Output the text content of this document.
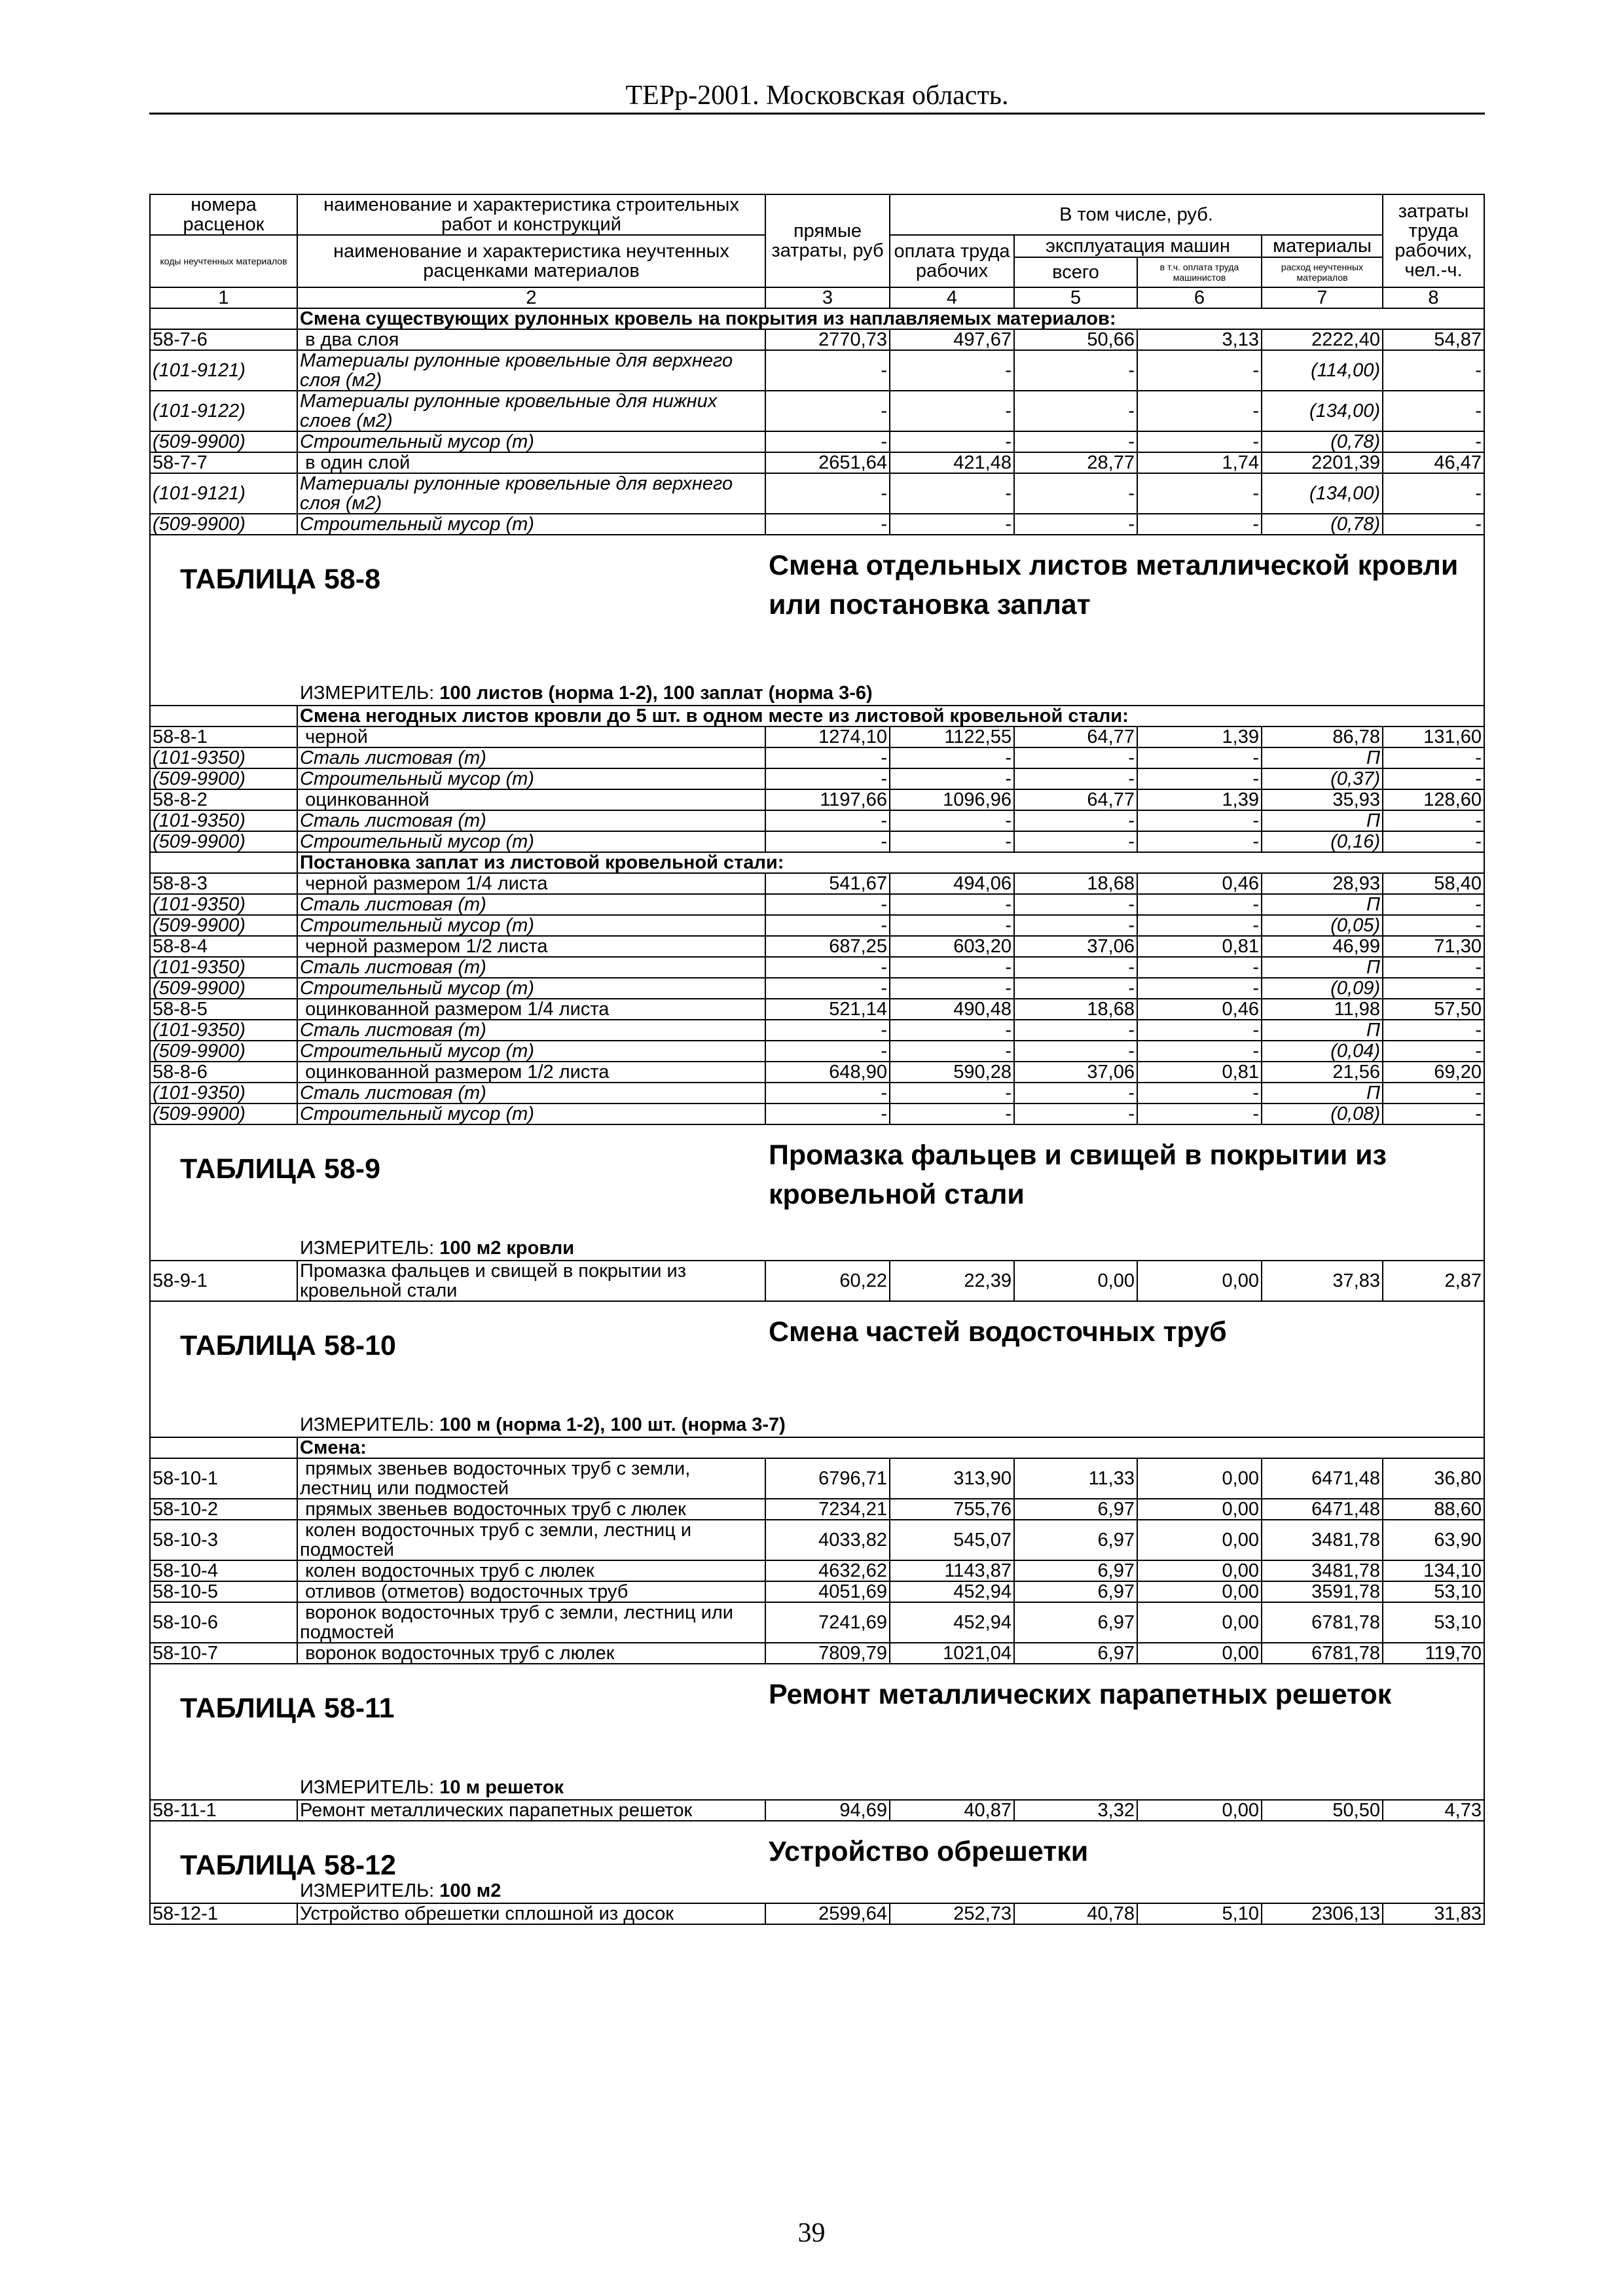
ТЕРр-2001. Московская область.
номера расценок	наименование и характеристика строительных работ и конструкций	прямые затраты, руб	В том числе, руб.				затраты труда рабочих, чел.-ч.
коды неучтенных материалов	наименование и характеристика неучтенных расценками материалов		оплата труда рабочих	эксплуатация машин		материалы	
				всего	в т.ч. оплата труда машинистов	расход неучтенных материалов	
1	2	3	4	5	6	7	8
	Смена существующих рулонных кровель на покрытия из наплавляемых материалов:						
58-7-6	в два слоя	2770,73	497,67	50,66	3,13	2222,40	54,87
(101-9121)	Материалы рулонные кровельные для верхнего слоя (м2)	-	-	-	-	(114,00)	-
(101-9122)	Материалы рулонные кровельные для нижних слоев (м2)	-	-	-	-	(134,00)	-
(509-9900)	Строительный мусор (т)	-	-	-	-	(0,78)	-
58-7-7	в один слой	2651,64	421,48	28,77	1,74	2201,39	46,47
(101-9121)	Материалы рулонные кровельные для верхнего слоя (м2)	-	-	-	-	(134,00)	-
(509-9900)	Строительный мусор (т)	-	-	-	-	(0,78)	-

ТАБЛИЦА 58-8 Смена отдельных листов металлической кровли или постановка заплат
ИЗМЕРИТЕЛЬ: 100 листов (норма 1-2), 100 заплат (норма 3-6)							

	Смена негодных листов кровли до 5 шт. в одном месте из листовой кровельной стали:						
58-8-1	черной	1274,10	1122,55	64,77	1,39	86,78	131,60
(101-9350)	Сталь листовая (т)	-	-	-	-	П	-
(509-9900)	Строительный мусор (т)	-	-	-	-	(0,37)	-
58-8-2	оцинкованной	1197,66	1096,96	64,77	1,39	35,93	128,60
(101-9350)	Сталь листовая (т)	-	-	-	-	П	-
(509-9900)	Строительный мусор (т)	-	-	-	-	(0,16)	-
	Постановка заплат из листовой кровельной стали:						
58-8-3	черной размером 1/4 листа	541,67	494,06	18,68	0,46	28,93	58,40
(101-9350)	Сталь листовая (т)	-	-	-	-	П	-
(509-9900)	Строительный мусор (т)	-	-	-	-	(0,05)	-
58-8-4	черной размером 1/2 листа	687,25	603,20	37,06	0,81	46,99	71,30
(101-9350)	Сталь листовая (т)	-	-	-	-	П	-
(509-9900)	Строительный мусор (т)	-	-	-	-	(0,09)	-
58-8-5	оцинкованной размером 1/4 листа	521,14	490,48	18,68	0,46	11,98	57,50
(101-9350)	Сталь листовая (т)	-	-	-	-	П	-
(509-9900)	Строительный мусор (т)	-	-	-	-	(0,04)	-
58-8-6	оцинкованной размером 1/2 листа	648,90	590,28	37,06	0,81	21,56	69,20
(101-9350)	Сталь листовая (т)	-	-	-	-	П	-
(509-9900)	Строительный мусор (т)	-	-	-	-	(0,08)	-

ТАБЛИЦА 58-9 Промазка фальцев и свищей в покрытии из кровельной стали
ИЗМЕРИТЕЛЬ: 100 м2 кровли							

58-9-1	Промазка фальцев и свищей в покрытии из кровельной стали	60,22	22,39	0,00	0,00	37,83	2,87

ТАБЛИЦА 58-10 Смена частей водосточных труб
ИЗМЕРИТЕЛЬ: 100 м (норма 1-2), 100 шт. (норма 3-7)							

	Смена:						
58-10-1	прямых звеньев водосточных труб с земли, лестниц или подмостей	6796,71	313,90	11,33	0,00	6471,48	36,80
58-10-2	прямых звеньев водосточных труб с люлек	7234,21	755,76	6,97	0,00	6471,48	88,60
58-10-3	колен водосточных труб с земли, лестниц и подмостей	4033,82	545,07	6,97	0,00	3481,78	63,90
58-10-4	колен водосточных труб с люлек	4632,62	1143,87	6,97	0,00	3481,78	134,10
58-10-5	отливов (отметов) водосточных труб	4051,69	452,94	6,97	0,00	3591,78	53,10
58-10-6	воронок водосточных труб с земли, лестниц или подмостей	7241,69	452,94	6,97	0,00	6781,78	53,10
58-10-7	воронок водосточных труб с люлек	7809,79	1021,04	6,97	0,00	6781,78	119,70

ТАБЛИЦА 58-11 Ремонт металлических парапетных решеток
ИЗМЕРИТЕЛЬ: 10 м решеток							

58-11-1	Ремонт металлических парапетных решеток	94,69	40,87	3,32	0,00	50,50	4,73

ТАБЛИЦА 58-12 Устройство обрешетки
ИЗМЕРИТЕЛЬ: 100 м2							

58-12-1	Устройство обрешетки сплошной из досок	2599,64	252,73	40,78	5,10	2306,13	31,83
39
